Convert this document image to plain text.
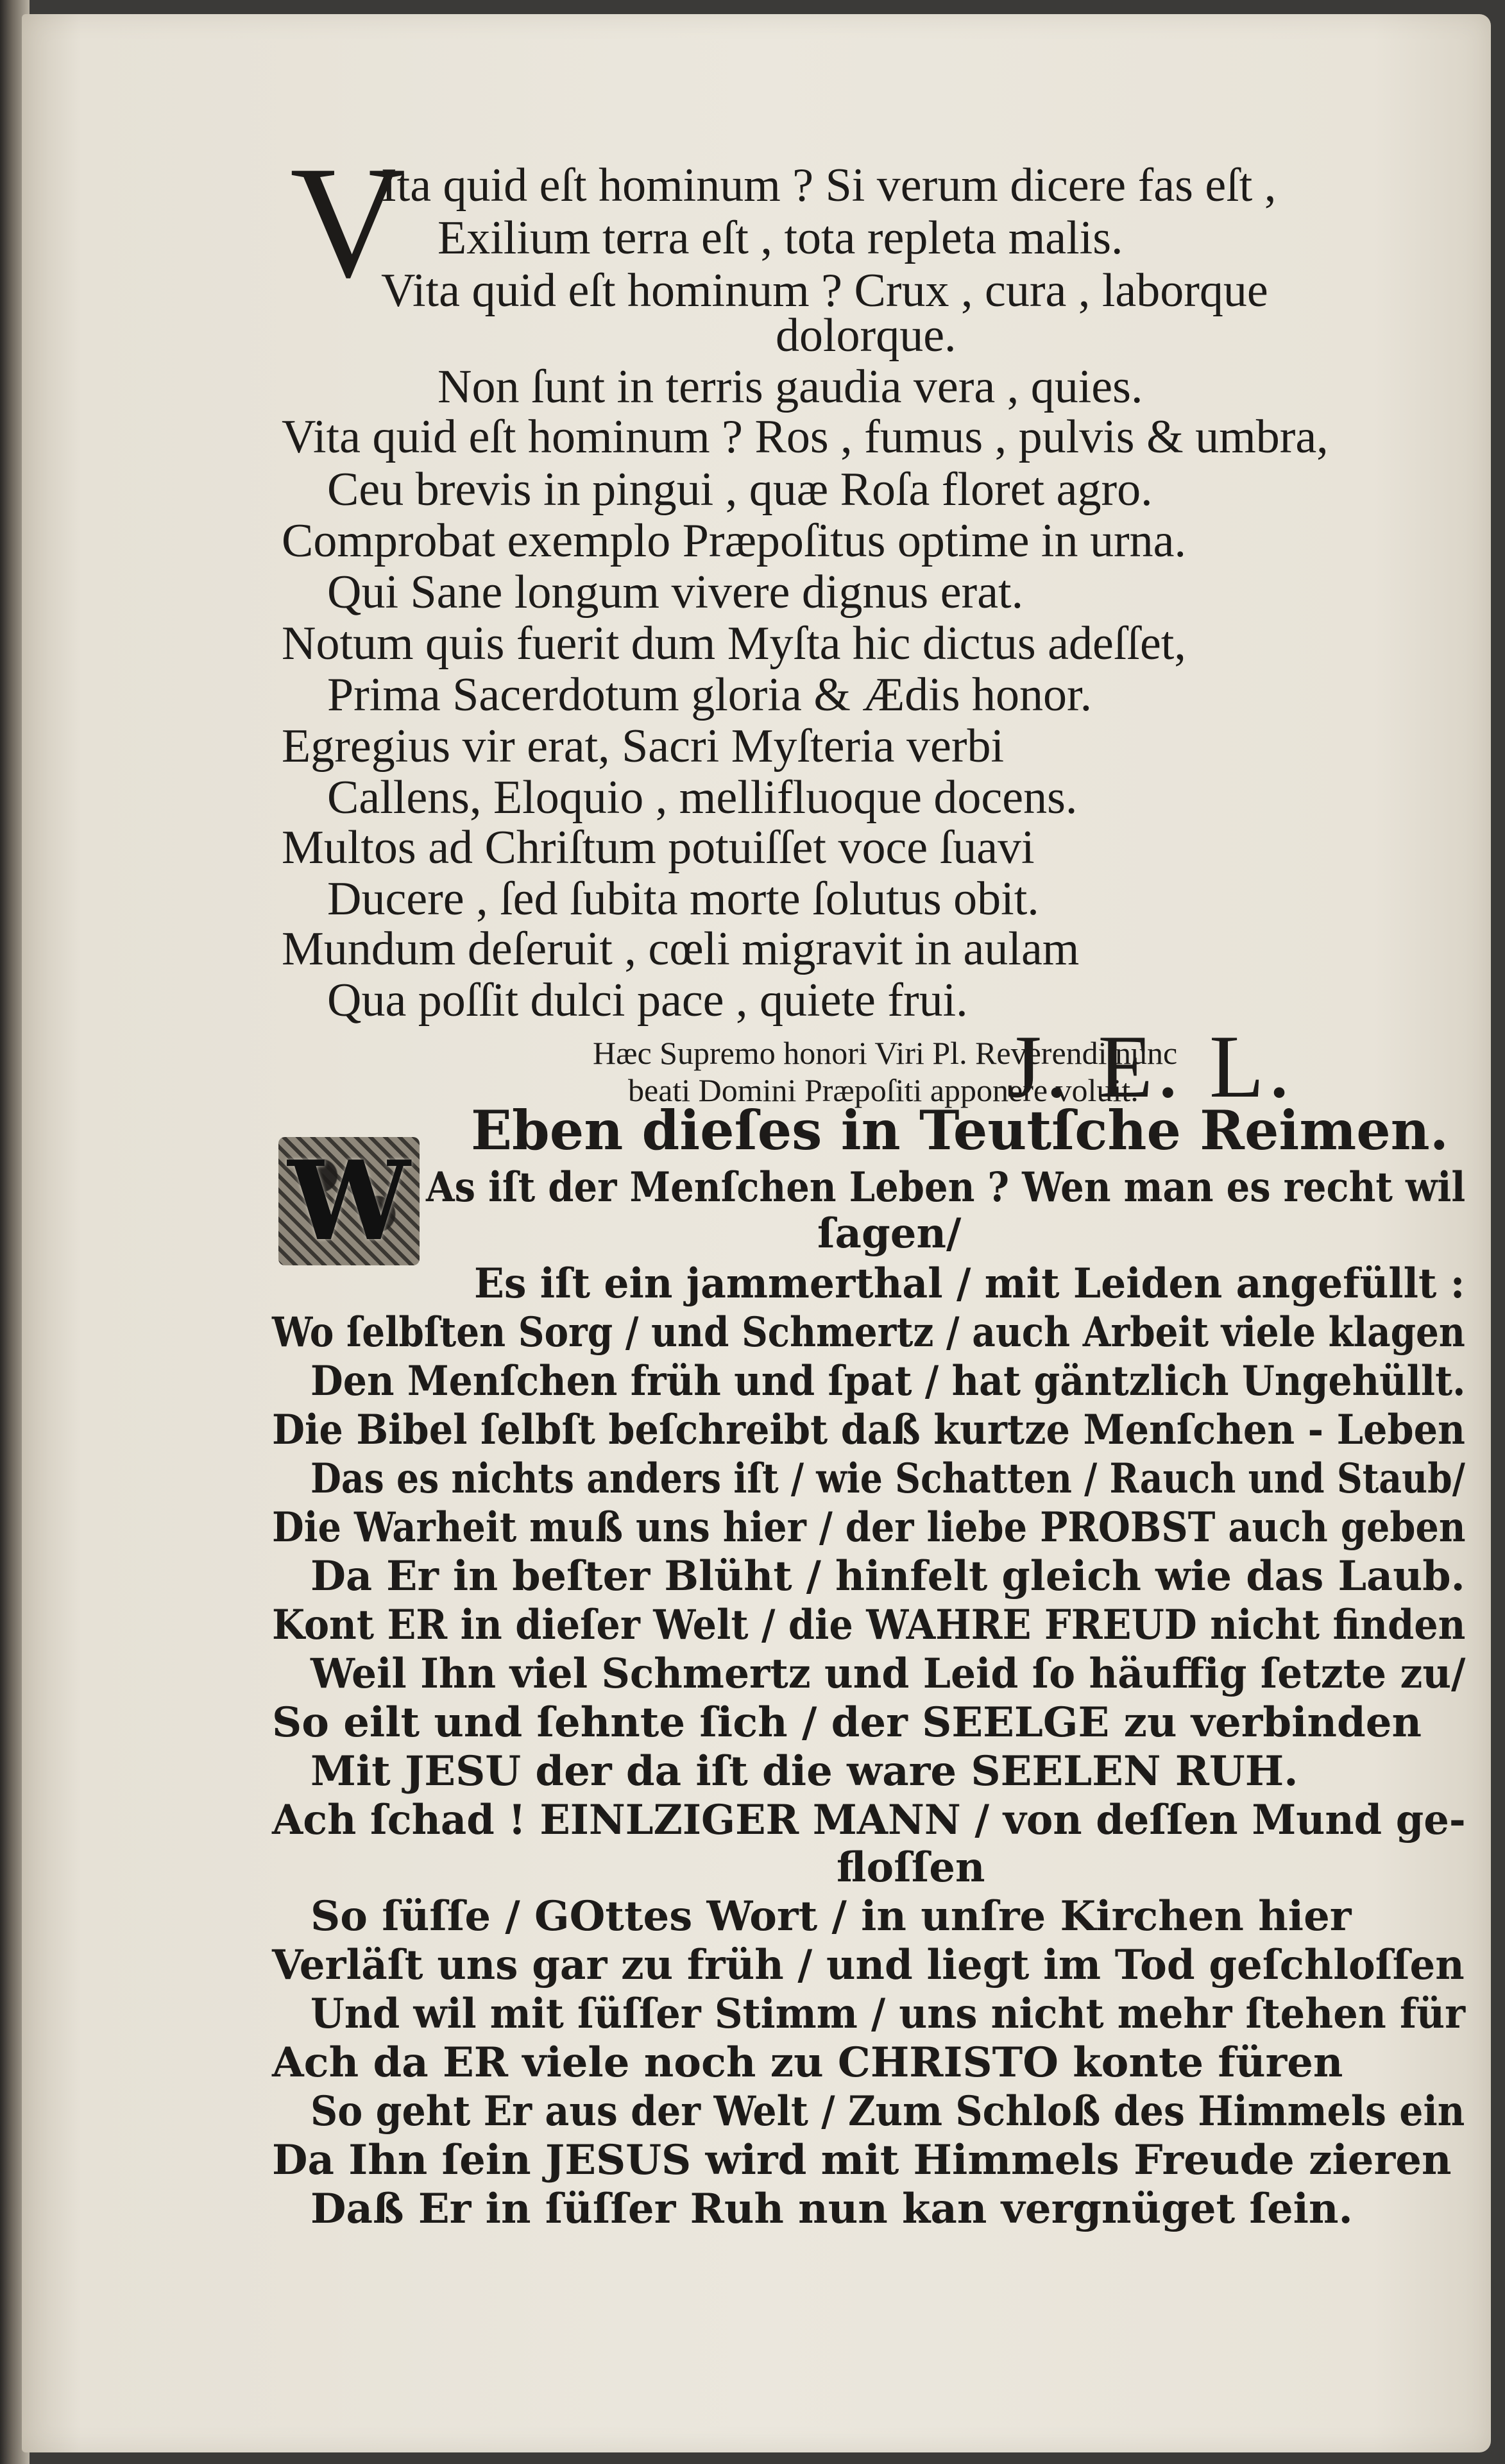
V
Ita quid eſt hominum ? Si verum dicere fas eſt ,
Exilium terra eſt , tota repleta malis.
Vita quid eſt hominum ? Crux , cura , laborque
dolorque.
Non ſunt in terris gaudia vera , quies.
Vita quid eſt hominum ? Ros , fumus , pulvis & umbra,
Ceu brevis in pingui , quæ Roſa floret agro.
Comprobat exemplo Præpoſitus optime in urna.
Qui Sane longum vivere dignus erat.
Notum quis fuerit dum Myſta hic dictus adeſſet,
Prima Sacerdotum gloria & Ædis honor.
Egregius vir erat, Sacri Myſteria verbi
Callens, Eloquio , mellifluoque docens.
Multos ad Chriſtum potuiſſet voce ſuavi
Ducere , ſed ſubita morte ſolutus obit.
Mundum deſeruit , cœli migravit in aulam
Qua poſſit dulci pace , quiete frui.
Hæc Supremo honori Viri Pl. Reverendi nunc
beati Domini Præpoſiti apponere voluit.
J. E. L.
Eben dieſes in Teutſche Reimen.
W As iſt der Menſchen Leben ? Wen man es recht wil
ſagen/
Es iſt ein jammerthal / mit Leiden angefüllt :
Wo ſelbſten Sorg / und Schmertz / auch Arbeit viele klagen
Den Menſchen früh und ſpat / hat gäntzlich Ungehüllt.
Die Bibel ſelbſt beſchreibt daß kurtze Menſchen - Leben
Das es nichts anders iſt / wie Schatten / Rauch und Staub/
Die Warheit muß uns hier / der liebe PROBST auch geben
Da Er in beſter Blüht / hinfelt gleich wie das Laub.
Kont ER in dieſer Welt / die WAHRE FREUD nicht finden
Weil Ihn viel Schmertz und Leid ſo häuffig ſetzte zu/
So eilt und ſehnte ſich / der SEELGE zu verbinden
Mit JESU der da iſt die ware SEELEN RUH.
Ach ſchad ! EINLZIGER MANN / von deſſen Mund ge-
floſſen
So ſüſſe / GOttes Wort / in unſre Kirchen hier
Verläſt uns gar zu früh / und liegt im Tod geſchloſſen
Und wil mit ſüſſer Stimm / uns nicht mehr ſtehen für
Ach da ER viele noch zu CHRISTO konte füren
So geht Er aus der Welt / Zum Schloß des Himmels ein
Da Ihn ſein JESUS wird mit Himmels Freude zieren
Daß Er in ſüſſer Ruh nun kan vergnüget ſein.
